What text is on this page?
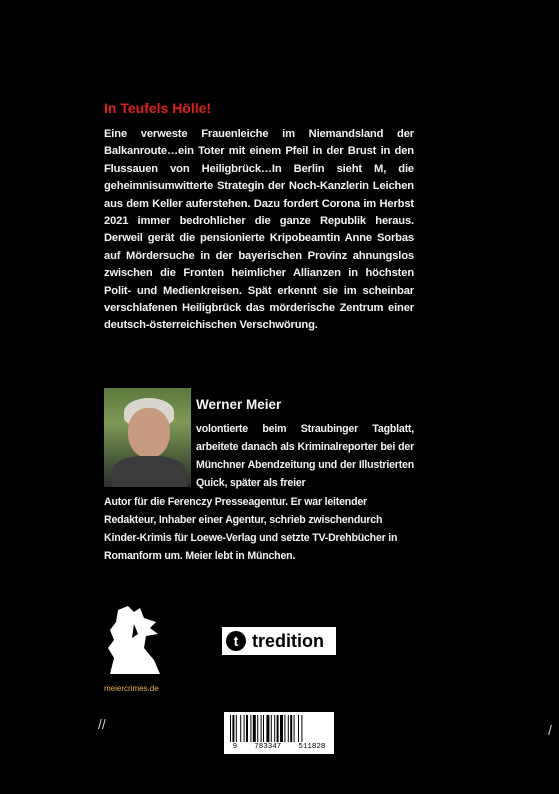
In Teufels Hölle!
Eine verweste Frauenleiche im Niemandsland der Balkanroute…ein Toter mit einem Pfeil in der Brust in den Flussauen von Heiligbrück…In Berlin sieht M, die geheimnisumwitterte Strategin der Noch-Kanzlerin Leichen aus dem Keller auferstehen. Dazu fordert Corona im Herbst 2021 immer bedrohlicher die ganze Republik heraus. Derweil gerät die pensionierte Kripobeamtin Anne Sorbas auf Mördersuche in der bayerischen Provinz ahnungslos zwischen die Fronten heimlicher Allianzen in höchsten Polit- und Medienkreisen. Spät erkennt sie im scheinbar verschlafenen Heiligbrück das mörderische Zentrum einer deutsch-österreichischen Verschwörung.
Werner Meier
volontierte beim Straubinger Tagblatt, arbeitete danach als Kriminalreporter bei der Münchner Abendzeitung und der Illustrierten Quick, später als freier
Autor für die Ferenczy Presseagentur. Er war leitender Redakteur, Inhaber einer Agentur, schrieb zwischendurch Kinder-Krimis für Loewe-Verlag und setzte TV-Drehbücher in Romanform um. Meier lebt in München.
meiercrimes.de
t tredition
9 783347 511828
//	/
